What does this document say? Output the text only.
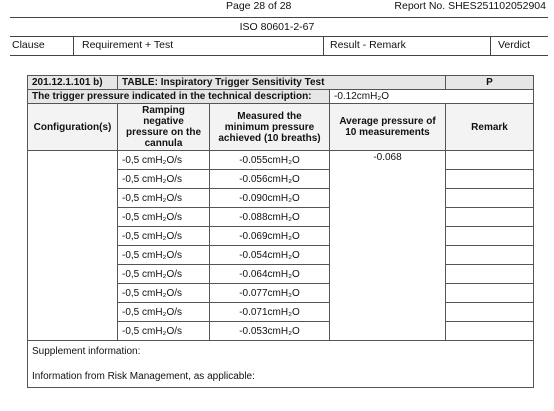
Page 28 of 28	Report No. SHES251102052904
ISO 80601-2-67
Clause	Requirement + Test	Result - Remark	Verdict
201.12.1.101 b)	TABLE: Inspiratory Trigger Sensitivity Test			P
The trigger pressure indicated in the technical description:			-0.12cmH₂O	
Configuration(s)	Ramping negative pressure on the cannula	Measured the minimum pressure achieved (10 breaths)	Average pressure of 10 measurements	Remark
	-0,5 cmH₂O/s	-0.055cmH₂O	-0.068	
	-0,5 cmH₂O/s	-0.056cmH₂O		
	-0,5 cmH₂O/s	-0.090cmH₂O		
	-0,5 cmH₂O/s	-0.088cmH₂O		
	-0,5 cmH₂O/s	-0.069cmH₂O		
	-0,5 cmH₂O/s	-0.054cmH₂O		
	-0,5 cmH₂O/s	-0.064cmH₂O		
	-0,5 cmH₂O/s	-0.077cmH₂O		
	-0,5 cmH₂O/s	-0.071cmH₂O		
	-0,5 cmH₂O/s	-0.053cmH₂O		
Supplement information:
Information from Risk Management, as applicable:				
